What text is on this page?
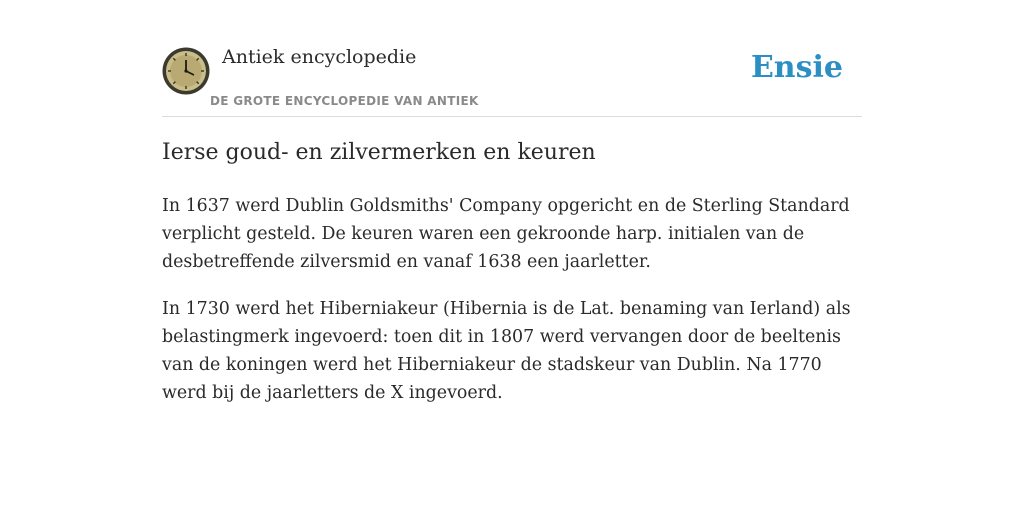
Antiek encyclopedie
DE GROTE ENCYCLOPEDIE VAN ANTIEK
Ensie
Ierse goud- en zilvermerken en keuren

In 1637 werd Dublin Goldsmiths' Company opgericht en de Sterling Standard verplicht gesteld. De keuren waren een gekroonde harp. initialen van de desbetreffende zilversmid en vanaf 1638 een jaarletter.

In 1730 werd het Hiberniakeur (Hibernia is de Lat. benaming van Ierland) als belastingmerk ingevoerd: toen dit in 1807 werd vervangen door de beeltenis van de koningen werd het Hiberniakeur de stadskeur van Dublin. Na 1770 werd bij de jaarletters de X ingevoerd.
